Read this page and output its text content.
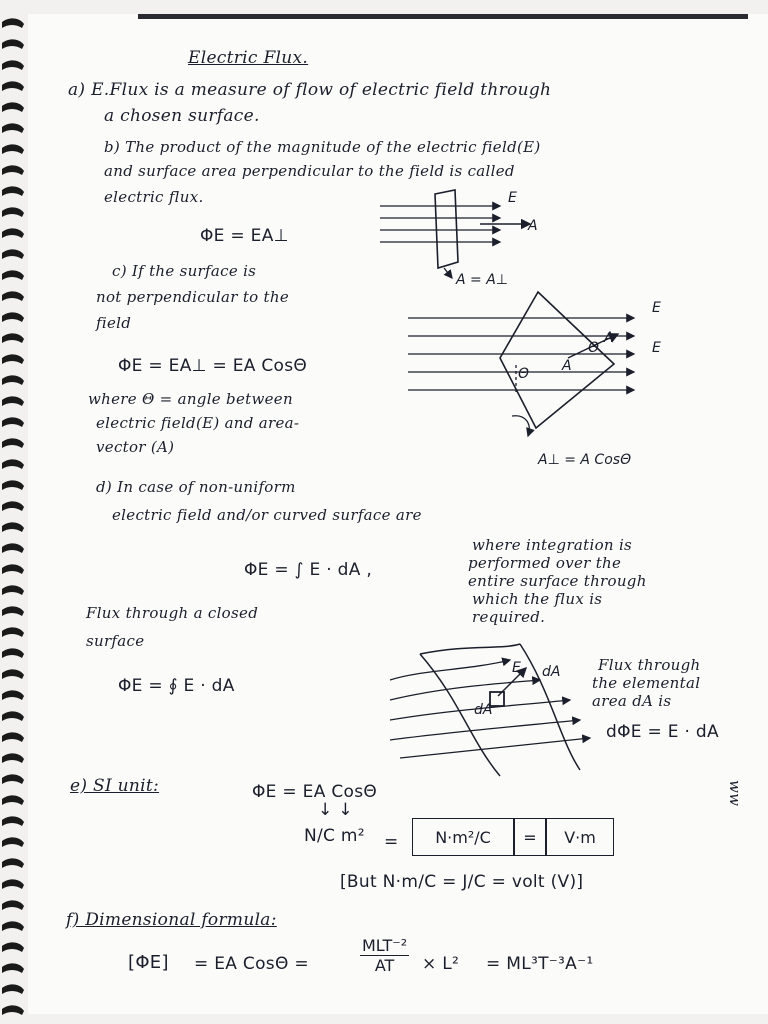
Electric Flux.
a) E.Flux is a measure of flow of electric field through
a chosen surface.
b) The product of the magnitude of the electric field(E)
and surface area perpendicular to the field is called
electric flux.
ΦE = EA⊥
E
A
A = A⊥
c) If the surface is
not perpendicular to the
field
ΦE = EA⊥ = EA CosΘ
where Θ = angle between
electric field(E) and area-
vector (A)
E
E
A
A
Θ
Θ
A⊥ = A CosΘ
d) In case of non-uniform
electric field and/or curved surface are
ΦE = ∫ E · dA ,
where integration is
performed over the
entire surface through
which the flux is
required.
Flux through a closed
surface
ΦE = ∮ E · dA
E dA
dA
Flux through
the elemental
area dA is
dΦE = E · dA
e) SI unit:	ΦE = EA CosΘ
↓ ↓
N/C m² =	N·m²/C	=	V·m
[But N·m/C = J/C = volt (V)]
f) Dimensional formula:
[ΦE] = EA CosΘ =
MLT⁻²
AT	× L² = ML³T⁻³A⁻¹
ww
